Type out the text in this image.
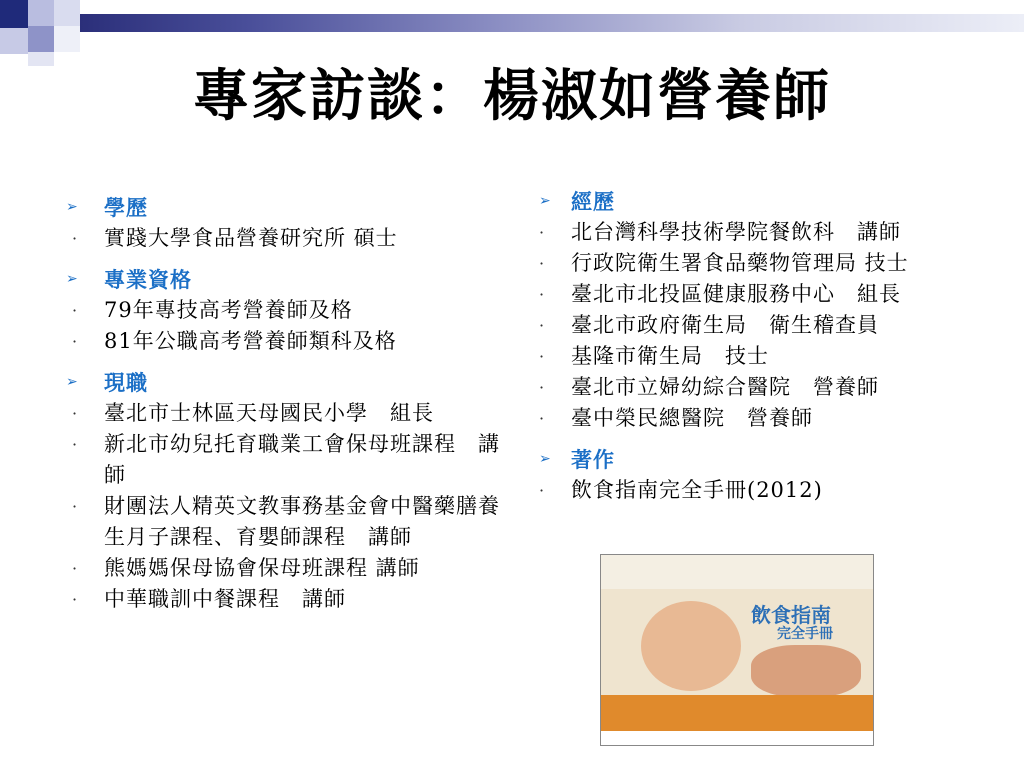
專家訪談：楊淑如營養師
➢ 學歷
· 實踐大學食品營養研究所 碩士
➢ 專業資格
· 79年專技高考營養師及格
· 81年公職高考營養師類科及格
➢ 現職
· 臺北市士林區天母國民小學　組長
· 新北市幼兒托育職業工會保母班課程　講師
· 財團法人精英文教事務基金會中醫藥膳養生月子課程、育嬰師課程　講師
· 熊媽媽保母協會保母班課程 講師
· 中華職訓中餐課程　講師
➢ 經歷
· 北台灣科學技術學院餐飲科　講師
· 行政院衛生署食品藥物管理局 技士
· 臺北市北投區健康服務中心　組長
· 臺北市政府衛生局　衛生稽查員
· 基隆市衛生局　技士
· 臺北市立婦幼綜合醫院　營養師
· 臺中榮民總醫院　營養師
➢ 著作
· 飲食指南完全手冊(2012)
飲食指南
完全手冊
